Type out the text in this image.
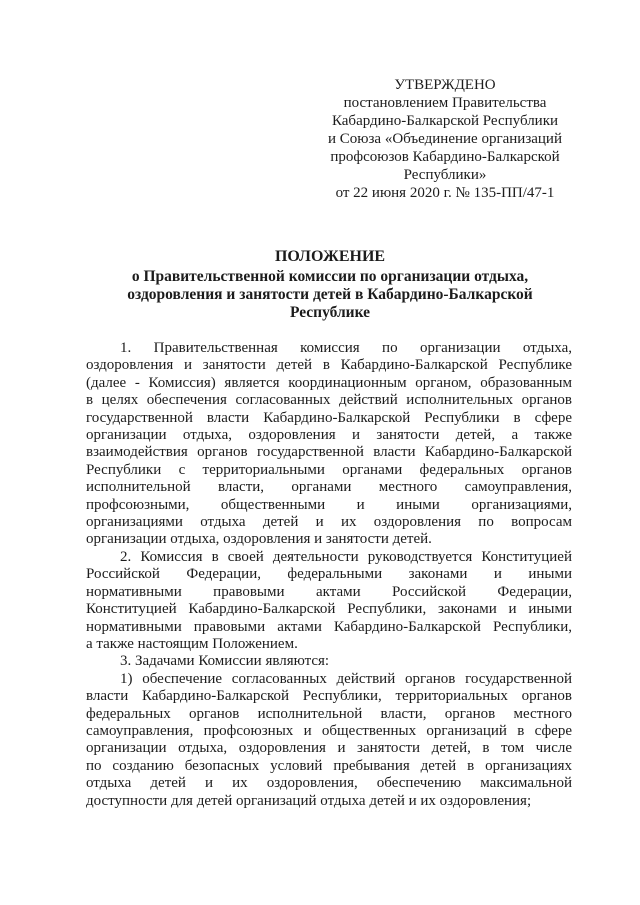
УТВЕРЖДЕНО
постановлением Правительства
Кабардино-Балкарской Республики
и Союза «Объединение организаций
профсоюзов Кабардино-Балкарской
Республики»
от 22 июня 2020 г. № 135-ПП/47-1
ПОЛОЖЕНИЕ
о Правительственной комиссии по организации отдыха,
оздоровления и занятости детей в Кабардино-Балкарской
Республике
1. Правительственная комиссия по организации отдыха,
оздоровления и занятости детей в Кабардино-Балкарской Республике
(далее - Комиссия) является координационным органом, образованным
в целях обеспечения согласованных действий исполнительных органов
государственной власти Кабардино-Балкарской Республики в сфере
организации отдыха, оздоровления и занятости детей, а также
взаимодействия органов государственной власти Кабардино-Балкарской
Республики с территориальными органами федеральных органов
исполнительной власти, органами местного самоуправления,
профсоюзными, общественными и иными организациями,
организациями отдыха детей и их оздоровления по вопросам
организации отдыха, оздоровления и занятости детей.
2. Комиссия в своей деятельности руководствуется Конституцией
Российской Федерации, федеральными законами и иными
нормативными правовыми актами Российской Федерации,
Конституцией Кабардино-Балкарской Республики, законами и иными
нормативными правовыми актами Кабардино-Балкарской Республики,
а также настоящим Положением.
3. Задачами Комиссии являются:
1) обеспечение согласованных действий органов государственной
власти Кабардино-Балкарской Республики, территориальных органов
федеральных органов исполнительной власти, органов местного
самоуправления, профсоюзных и общественных организаций в сфере
организации отдыха, оздоровления и занятости детей, в том числе
по созданию безопасных условий пребывания детей в организациях
отдыха детей и их оздоровления, обеспечению максимальной
доступности для детей организаций отдыха детей и их оздоровления;
